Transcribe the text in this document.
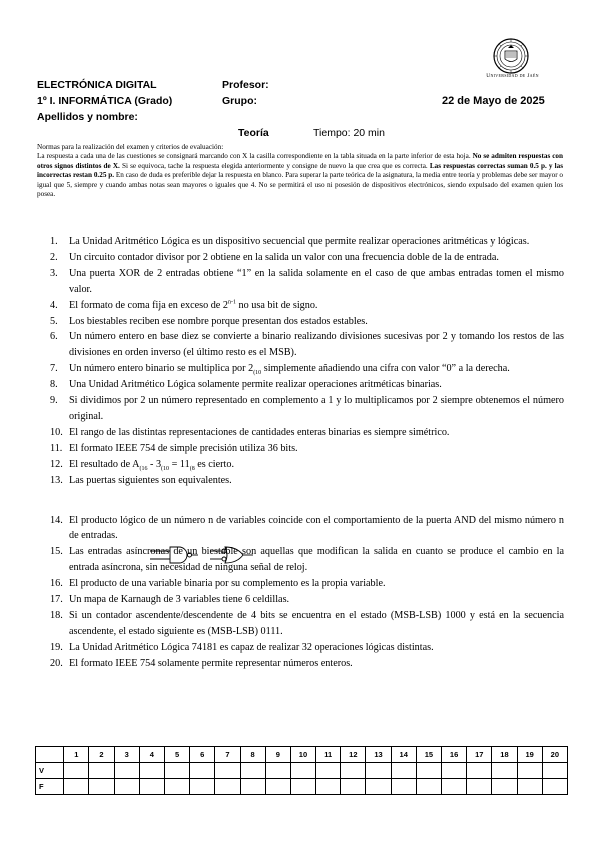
Universidad de Jaén
ELECTRÓNICA DIGITAL
1º I. INFORMÁTICA (Grado)
Apellidos y nombre:
Profesor:
Grupo:	22 de Mayo de 2025
Teoría	Tiempo: 20 min

Normas para la realización del examen y criterios de evaluación:

La respuesta a cada una de las cuestiones se consignará marcando con X la casilla correspondiente en la tabla situada en la parte inferior de esta hoja. No se admiten respuestas con otros signos distintos de X. Si se equivoca, tache la respuesta elegida anteriormente y consigne de nuevo la que crea que es correcta. Las respuestas correctas suman 0.5 p. y las incorrectas restan 0.25 p. En caso de duda es preferible dejar la respuesta en blanco. Para superar la parte teórica de la asignatura, la media entre teoría y problemas debe ser mayor o igual que 5, siempre y cuando ambas notas sean mayores o iguales que 4. No se permitirá el uso ni posesión de dispositivos electrónicos, siendo expulsado del examen quien los posea.

1. La Unidad Aritmético Lógica es un dispositivo secuencial que permite realizar operaciones aritméticas y lógicas.
2. Un circuito contador divisor por 2 obtiene en la salida un valor con una frecuencia doble de la de entrada.
3. Una puerta XOR de 2 entradas obtiene “1” en la salida solamente en el caso de que ambas entradas tomen el mismo valor.
4. El formato de coma fija en exceso de 2$^{n-1}$ no usa bit de signo.
5. Los biestables reciben ese nombre porque presentan dos estados estables.
6. Un número entero en base diez se convierte a binario realizando divisiones sucesivas por 2 y tomando los restos de las divisiones en orden inverso (el último resto es el MSB).
7. Un número entero binario se multiplica por $2_{(10}$ simplemente añadiendo una cifra con valor “0” a la derecha.
8. Una Unidad Aritmético Lógica solamente permite realizar operaciones aritméticas binarias.
9. Si dividimos por 2 un número representado en complemento a 1 y lo multiplicamos por 2 siempre obtenemos el número original.
10. El rango de las distintas representaciones de cantidades enteras binarias es siempre simétrico.
11. El formato IEEE 754 de simple precisión utiliza 36 bits.
12. El resultado de $A_{(16} - 3_{(10} = 11_{(8}$ es cierto.
13. Las puertas siguientes son equivalentes.
14. El producto lógico de un número n de variables coincide con el comportamiento de la puerta AND del mismo número n de entradas.
15. Las entradas asíncronas de un biestable son aquellas que modifican la salida en cuanto se produce el cambio en la entrada asíncrona, sin necesidad de ninguna señal de reloj.
16. El producto de una variable binaria por su complemento es la propia variable.
17. Un mapa de Karnaugh de 3 variables tiene 6 celdillas.
18. Si un contador ascendente/descendente de 4 bits se encuentra en el estado (MSB-LSB) 1000 y está en la secuencia ascendente, el estado siguiente es (MSB-LSB) 0111.
19. La Unidad Aritmético Lógica 74181 es capaz de realizar 32 operaciones lógicas distintas.
20. El formato IEEE 754 solamente permite representar números enteros.
	1	2	3	4	5	6	7	8	9	10	11	12	13	14	15	16	17	18	19	20
V																				
F																				
